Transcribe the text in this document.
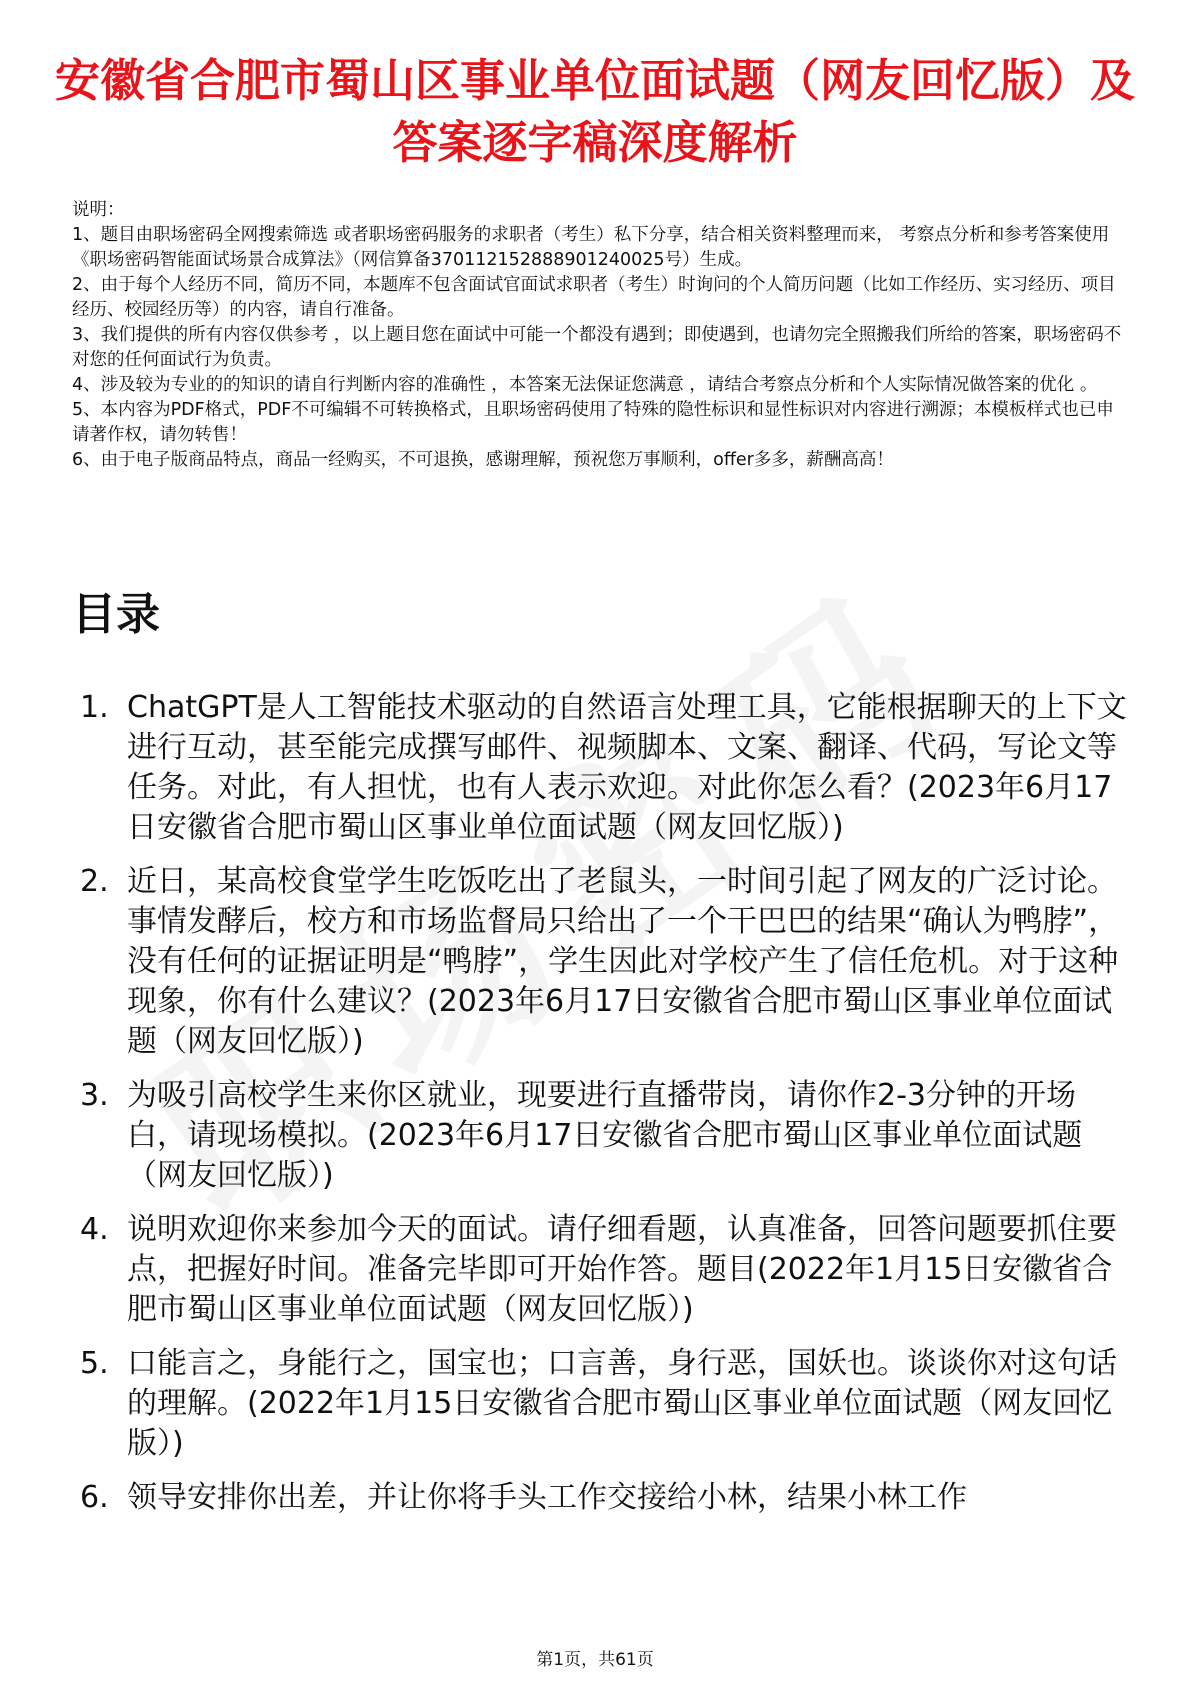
安徽省合肥市蜀山区事业单位面试题（网友回忆版）及答案逐字稿深度解析

说明：

1、题目由职场密码全网搜索筛选 或者职场密码服务的求职者（考生）私下分享，结合相关资料整理而来， 考察点分析和参考答案使用《职场密码智能面试场景合成算法》（网信算备370112152888901240025号）生成。

2、由于每个人经历不同，简历不同，本题库不包含面试官面试求职者（考生）时询问的个人简历问题（比如工作经历、实习经历、项目经历、校园经历等）的内容，请自行准备。

3、我们提供的所有内容仅供参考 ，以上题目您在面试中可能一个都没有遇到；即使遇到，也请勿完全照搬我们所给的答案，职场密码不对您的任何面试行为负责。

4、涉及较为专业的的知识的请自行判断内容的准确性 ，本答案无法保证您满意 ，请结合考察点分析和个人实际情况做答案的优化 。

5、本内容为PDF格式，PDF不可编辑不可转换格式，且职场密码使用了特殊的隐性标识和显性标识对内容进行溯源；本模板样式也已申请著作权，请勿转售！

6、由于电子版商品特点，商品一经购买，不可退换，感谢理解，预祝您万事顺利，offer多多，薪酬高高！

目录
1. ChatGPT是人工智能技术驱动的自然语言处理工具，它能根据聊天的上下文进行互动，甚至能完成撰写邮件、视频脚本、文案、翻译、代码，写论文等任务。对此，有人担忧，也有人表示欢迎。对此你怎么看？(2023年6月17日安徽省合肥市蜀山区事业单位面试题（网友回忆版）)
2. 近日，某高校食堂学生吃饭吃出了老鼠头，一时间引起了网友的广泛讨论。事情发酵后，校方和市场监督局只给出了一个干巴巴的结果“确认为鸭脖”，没有任何的证据证明是“鸭脖”，学生因此对学校产生了信任危机。对于这种现象，你有什么建议？(2023年6月17日安徽省合肥市蜀山区事业单位面试题（网友回忆版）)
3. 为吸引高校学生来你区就业，现要进行直播带岗，请你作2-3分钟的开场白，请现场模拟。(2023年6月17日安徽省合肥市蜀山区事业单位面试题（网友回忆版）)
4. 说明欢迎你来参加今天的面试。请仔细看题，认真准备，回答问题要抓住要点，把握好时间。准备完毕即可开始作答。题目(2022年1月15日安徽省合肥市蜀山区事业单位面试题（网友回忆版）)
5. 口能言之，身能行之，国宝也；口言善，身行恶，国妖也。谈谈你对这句话的理解。(2022年1月15日安徽省合肥市蜀山区事业单位面试题（网友回忆版）)
6. 领导安排你出差，并让你将手头工作交接给小林，结果小林工作
第1页，共61页
